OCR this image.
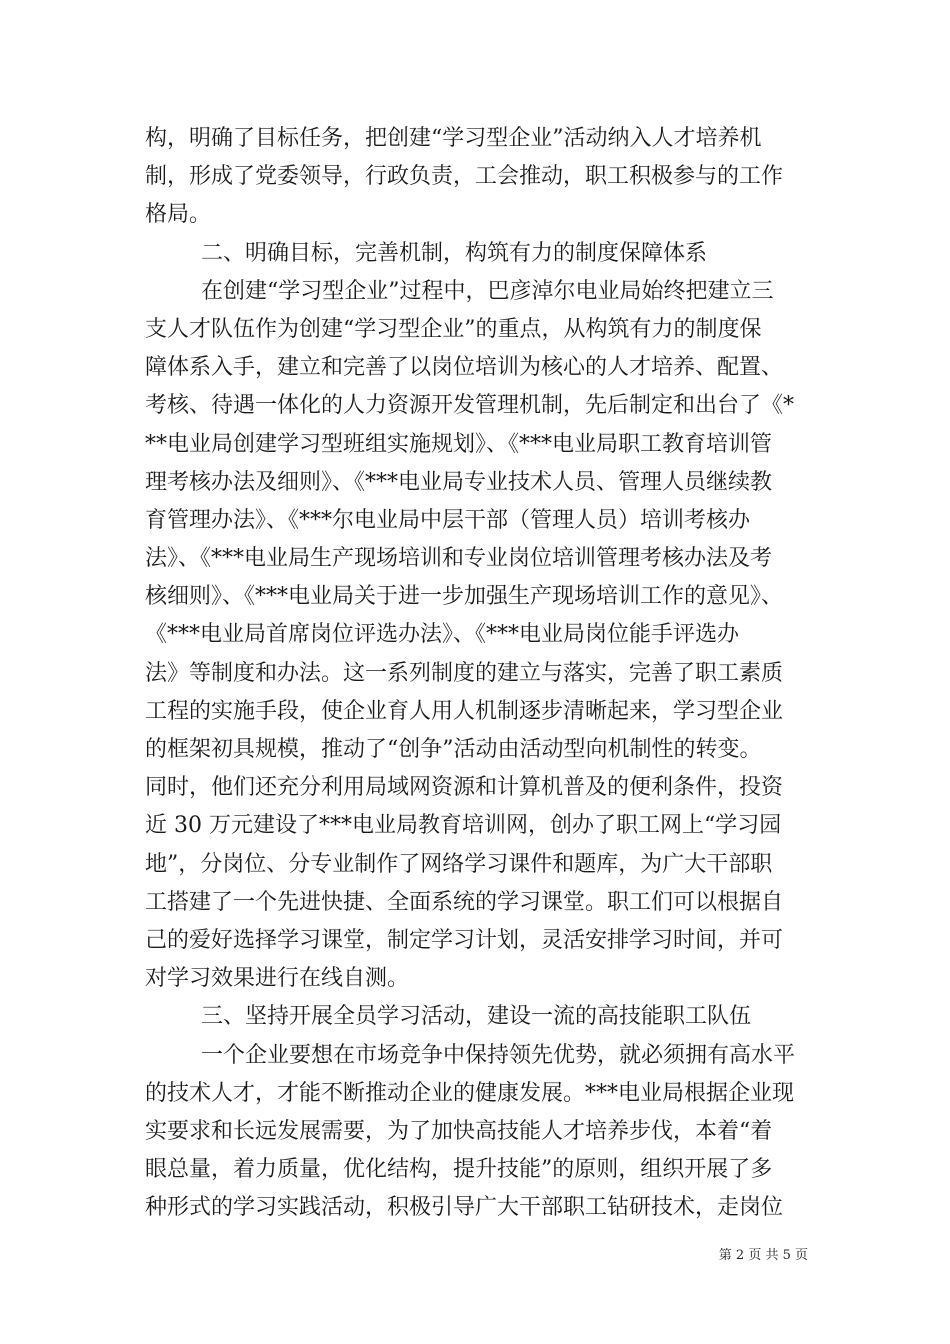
构，明确了目标任务，把创建“学习型企业”活动纳入人才培养机
制，形成了党委领导，行政负责，工会推动，职工积极参与的工作
格局。
二、明确目标，完善机制，构筑有力的制度保障体系
在创建“学习型企业”过程中，巴彦淖尔电业局始终把建立三
支人才队伍作为创建“学习型企业”的重点，从构筑有力的制度保
障体系入手，建立和完善了以岗位培训为核心的人才培养、配置、
考核、待遇一体化的人力资源开发管理机制，先后制定和出台了《*
**电业局创建学习型班组实施规划》、《***电业局职工教育培训管
理考核办法及细则》、《***电业局专业技术人员、管理人员继续教
育管理办法》、《***尔电业局中层干部（管理人员）培训考核办
法》、《***电业局生产现场培训和专业岗位培训管理考核办法及考
核细则》、《***电业局关于进一步加强生产现场培训工作的意见》、
《***电业局首席岗位评选办法》、《***电业局岗位能手评选办
法》等制度和办法。这一系列制度的建立与落实，完善了职工素质
工程的实施手段，使企业育人用人机制逐步清晰起来，学习型企业
的框架初具规模，推动了“创争”活动由活动型向机制性的转变。
同时，他们还充分利用局域网资源和计算机普及的便利条件，投资
近 30 万元建设了***电业局教育培训网，创办了职工网上“学习园
地”，分岗位、分专业制作了网络学习课件和题库，为广大干部职
工搭建了一个先进快捷、全面系统的学习课堂。职工们可以根据自
己的爱好选择学习课堂，制定学习计划，灵活安排学习时间，并可
对学习效果进行在线自测。
三、坚持开展全员学习活动，建设一流的高技能职工队伍
一个企业要想在市场竞争中保持领先优势，就必须拥有高水平
的技术人才，才能不断推动企业的健康发展。***电业局根据企业现
实要求和长远发展需要，为了加快高技能人才培养步伐，本着“着
眼总量，着力质量，优化结构，提升技能”的原则，组织开展了多
种形式的学习实践活动，积极引导广大干部职工钻研技术，走岗位
第 2 页 共 5 页
